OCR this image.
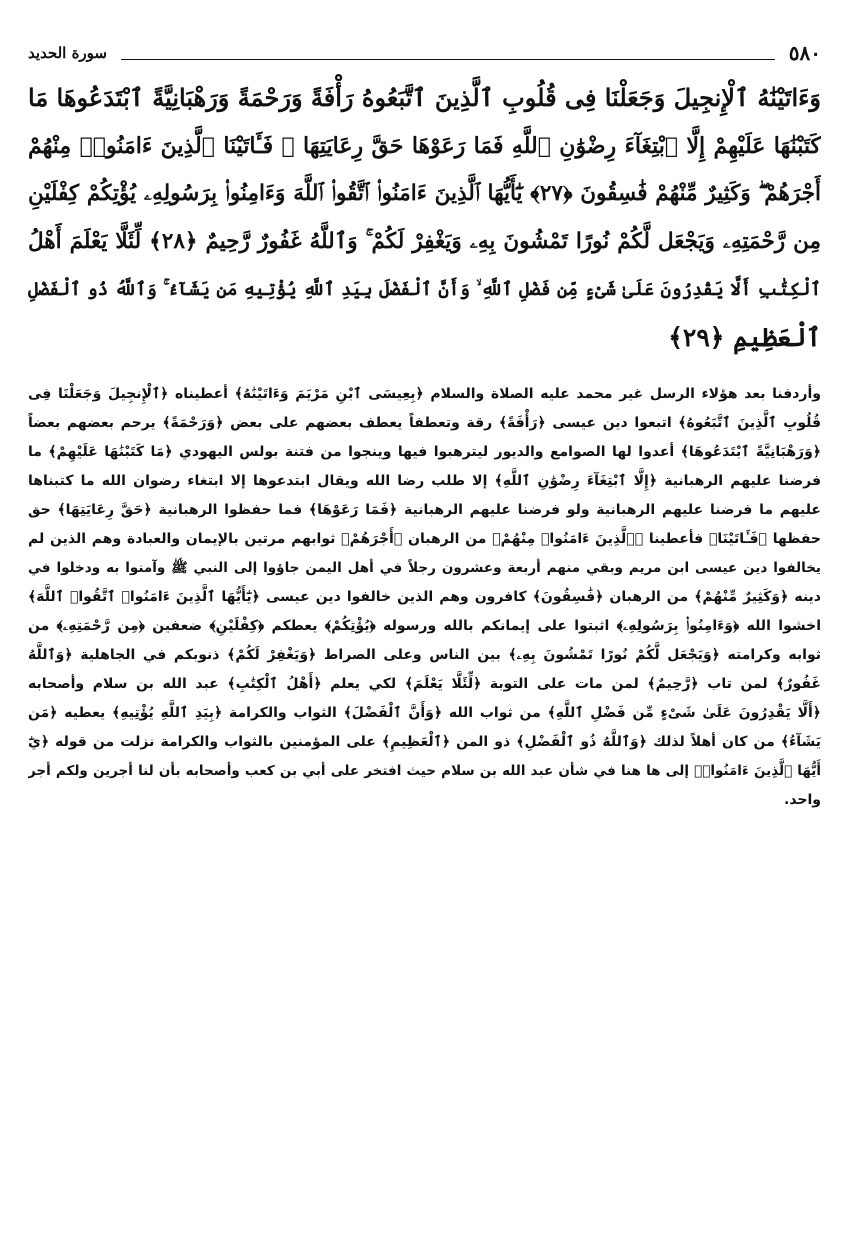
٥٨٠
سورة الحديد
وَءَاتَيْنَٰهُ ٱلْإِنجِيلَ وَجَعَلْنَا فِى قُلُوبِ ٱلَّذِينَ ٱتَّبَعُوهُ رَأْفَةً وَرَحْمَةً وَرَهْبَانِيَّةً ٱبْتَدَعُوهَا مَا
كَتَبْنَٰهَا عَلَيْهِمْ إِلَّا ٱبْتِغَآءَ رِضْوَٰنِ ٱللَّهِ فَمَا رَعَوْهَا حَقَّ رِعَايَتِهَا ۖ فَـَٔاتَيْنَا ٱلَّذِينَ ءَامَنُوا۟ مِنْهُمْ
أَجْرَهُمْ ۖ وَكَثِيرٌ مِّنْهُمْ فَٰسِقُونَ ﴿٢٧﴾ يَٰٓأَيُّهَا ٱلَّذِينَ ءَامَنُوا۟ ٱتَّقُوا۟ ٱللَّهَ وَءَامِنُوا۟ بِرَسُولِهِۦ يُؤْتِكُمْ كِفْلَيْنِ
مِن رَّحْمَتِهِۦ وَيَجْعَل لَّكُمْ نُورًا تَمْشُونَ بِهِۦ وَيَغْفِرْ لَكُمْ ۚ وَٱللَّهُ غَفُورٌ رَّحِيمٌ ﴿٢٨﴾ لِّئَلَّا يَعْلَمَ أَهْلُ
ٱلْكِتَٰبِ أَلَّا يَقْدِرُونَ عَلَىٰ شَىْءٍ مِّن فَضْلِ ٱللَّهِ ۙ وَأَنَّ ٱلْفَضْلَ بِيَدِ ٱللَّهِ يُؤْتِيهِ مَن يَشَآءُ ۚ وَٱللَّهُ ذُو ٱلْفَضْلِ
ٱلْعَظِيمِ ﴿٢٩﴾
وأردفنا بعد هؤلاء الرسل غير محمد عليه الصلاة والسلام ﴿بِعِيسَى ٱبْنِ مَرْيَمَ وَءَاتَيْنَٰهُ﴾ أعطيناه ﴿ٱلْإِنجِيلَ وَجَعَلْنَا فِى
قُلُوبِ ٱلَّذِينَ ٱتَّبَعُوهُ﴾ اتبعوا دين عيسى ﴿رَأْفَةً﴾ رقة وتعطفاً يعطف بعضهم على بعض ﴿وَرَحْمَةً﴾ يرحم بعضهم بعضاً
﴿وَرَهْبَانِيَّةً ٱبْتَدَعُوهَا﴾ أعدوا لها الصوامع والديور ليترهبوا فيها وينجوا من فتنة بولس اليهودي ﴿مَا كَتَبْنَٰهَا عَلَيْهِمْ﴾ ما
فرضنا عليهم الرهبانية ﴿إِلَّا ٱبْتِغَآءَ رِضْوَٰنِ ٱللَّهِ﴾ إلا طلب رضا الله ويقال ابتدعوها إلا ابتغاء رضوان الله ما كتبناها
عليهم ما فرضنا عليهم الرهبانية ولو فرضنا عليهم الرهبانية ﴿فَمَا رَعَوْهَا﴾ فما حفظوا الرهبانية ﴿حَقَّ رِعَايَتِهَا﴾ حق
حفظها ﴿فَـَٔاتَيْنَا﴾ فأعطينا ﴿ٱلَّذِينَ ءَامَنُوا۟ مِنْهُمْ﴾ من الرهبان ﴿أَجْرَهُمْ﴾ ثوابهم مرتين بالإيمان والعبادة وهم الذين لم
يخالفوا دين عيسى ابن مريم وبقي منهم أربعة وعشرون رجلاً في أهل اليمن جاؤوا إلى النبي ﷺ وآمنوا به ودخلوا في
دينه ﴿وَكَثِيرٌ مِّنْهُمْ﴾ من الرهبان ﴿فَٰسِقُونَ﴾ كافرون وهم الذين خالفوا دين عيسى ﴿يَٰٓأَيُّهَا ٱلَّذِينَ ءَامَنُوا۟ ٱتَّقُوا۟ ٱللَّهَ﴾
اخشوا الله ﴿وَءَامِنُوا۟ بِرَسُولِهِۦ﴾ اثبتوا على إيمانكم بالله ورسوله ﴿يُؤْتِكُمْ﴾ يعطكم ﴿كِفْلَيْنِ﴾ ضعفين ﴿مِن رَّحْمَتِهِۦ﴾ من
ثوابه وكرامته ﴿وَيَجْعَل لَّكُمْ نُورًا تَمْشُونَ بِهِۦ﴾ بين الناس وعلى الصراط ﴿وَيَغْفِرْ لَكُمْ﴾ ذنوبكم في الجاهلية ﴿وَٱللَّهُ
غَفُورٌ﴾ لمن تاب ﴿رَّحِيمٌ﴾ لمن مات على التوبة ﴿لِّئَلَّا يَعْلَمَ﴾ لكي يعلم ﴿أَهْلُ ٱلْكِتَٰبِ﴾ عبد الله بن سلام وأصحابه
﴿أَلَّا يَقْدِرُونَ عَلَىٰ شَىْءٍ مِّن فَضْلِ ٱللَّهِ﴾ من ثواب الله ﴿وَأَنَّ ٱلْفَضْلَ﴾ الثواب والكرامة ﴿بِيَدِ ٱللَّهِ يُؤْتِيهِ﴾ يعطيه ﴿مَن
يَشَآءُ﴾ من كان أهلاً لذلك ﴿وَٱللَّهُ ذُو ٱلْفَضْلِ﴾ ذو المن ﴿ٱلْعَظِيمِ﴾ على المؤمنين بالثواب والكرامة نزلت من قوله ﴿يَٰٓ
أَيُّهَا ٱلَّذِينَ ءَامَنُوا۟﴾ إلى ها هنا في شأن عبد الله بن سلام حيث افتخر على أبي بن كعب وأصحابه بأن لنا أجرين ولكم أجر
واحد.
